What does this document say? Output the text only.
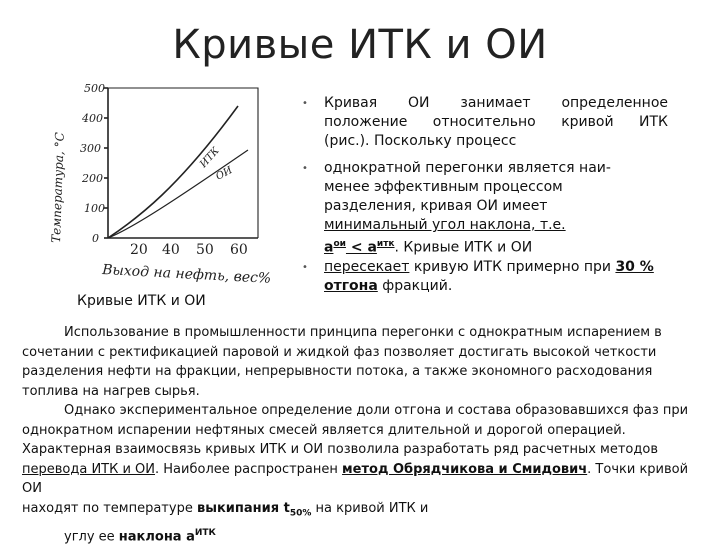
Кривые ИТК и ОИ
0
100
200
300
400
500
20 40 50 60
Выход на нефть, вес%
Температура, °С	ИТК
ОИ
Кривые ИТК и ОИ
• Кривая ОИ занимает определенное
положение относительно кривой ИТК
(рис.). Поскольку процесс
• однократной перегонки является наи-
менее эффективным процессом
разделения, кривая ОИ имеет
минимальный угол наклона, т.е.
$а^{ои} < а^{итк}$. Кривые ИТК и ОИ
• пересекает кривую ИТК примерно при 30 %
отгона фракций.
Использование в промышленности принципа перегонки с однократным испарением в
сочетании с ректификацией паровой и жидкой фаз позволяет достигать высокой четкости
разделения нефти на фракции, непрерывности потока, а также экономного расходования
топлива на нагрев сырья.
Однако экспериментальное определение доли отгона и состава образовавшихся фаз при
однократном испарении нефтяных смесей является длительной и дорогой операцией.
Характерная взаимосвязь кривых ИТК и ОИ позволила разработать ряд расчетных методов
перевода ИТК и ОИ. Наиболее распространен метод Обрядчикова и Смидович. Точки кривой ОИ
находят по температуре выкипания $t_{50\%}$ на кривой ИТК и
углу ее наклона $а^{ИТК}$
